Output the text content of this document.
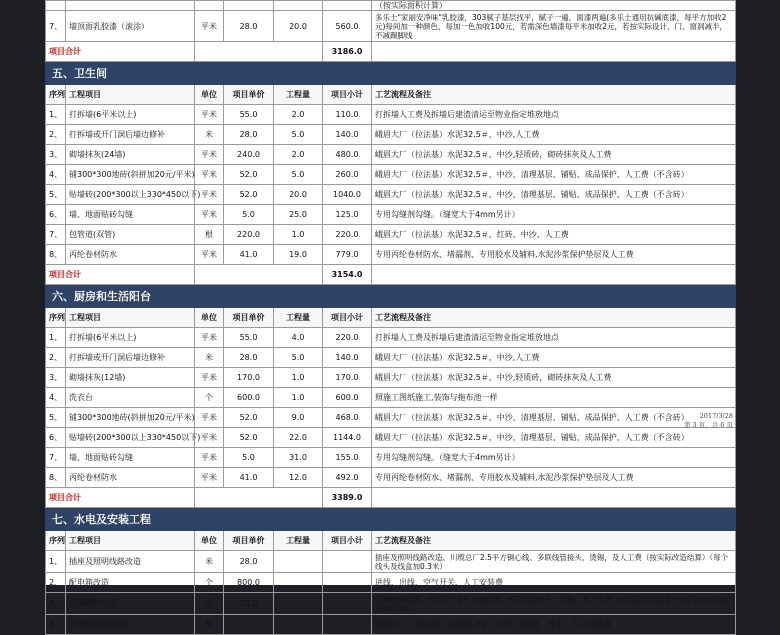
						（按实际面积计算）
7、	墙顶面乳胶漆（滚涂）	平米	28.0	20.0	560.0	多乐士"家丽安净味"乳胶漆，303腻子基层找平，腻子一遍，面漆两遍(多乐士通用抗碱底漆，每平方加收2元)每间加一种颜色，每加一色加收100元，若需深色墙漆每平米加收2元，若按实际设计、门、窗洞减半，不减踢脚线
项目合计					3186.0	
五、卫生间						
序列	工程项目	单位	项目单价	工程量	项目小计	工艺流程及备注
1、	打拆墙(6平米以上)	平米	55.0	2.0	110.0	打拆墙人工费及拆墙后建渣清运至物业指定堆放地点
2、	打拆墙或开门洞后墙边修补	米	28.0	5.0	140.0	峨眉大厂（拉法基）水泥32.5＃，中沙,人工费
3、	砌墙抹灰(24墙)	平米	240.0	2.0	480.0	峨眉大厂（拉法基）水泥32.5＃，中沙,轻质砖，砌砖抹灰及人工费
4、	铺300*300地砖(斜拼加20元/平米)	平米	52.0	5.0	260.0	峨眉大厂（拉法基）水泥32.5＃，中沙，清理基层、铺贴、成品保护、人工费（不含砖）
5、	贴墙砖(200*300以上330*450以下)	平米	52.0	20.0	1040.0	峨眉大厂（拉法基）水泥32.5＃，中沙，清理基层、铺贴、成品保护、人工费（不含砖）
6、	墙、地面贴砖勾缝	平米	5.0	25.0	125.0	专用勾缝剂勾缝。（缝宽大于4mm另计）
7、	包管道(双管)	根	220.0	1.0	220.0	峨眉大厂（拉法基）水泥32.5＃，红砖、中沙、人工费
8、	丙纶卷材防水	平米	41.0	19.0	779.0	专用丙纶卷材防水、堵漏剂、专用胶水及辅料,水泥沙浆保护垫层及人工费
项目合计					3154.0	
六、厨房和生活阳台						
序列	工程项目	单位	项目单价	工程量	项目小计	工艺流程及备注
1、	打拆墙(6平米以上)	平米	55.0	4.0	220.0	打拆墙人工费及拆墙后建渣清运至物业指定堆放地点
2、	打拆墙或开门洞后墙边修补	米	28.0	5.0	140.0	峨眉大厂（拉法基）水泥32.5＃，中沙,人工费
3、	砌墙抹灰(12墙)	平米	170.0	1.0	170.0	峨眉大厂（拉法基）水泥32.5＃，中沙,轻质砖，砌砖抹灰及人工费
4、	洗衣台	个	600.0	1.0	600.0	照施工图纸施工,装饰与拖布池一样
5、	铺300*300地砖(斜拼加20元/平米)	平米	52.0	9.0	468.0	峨眉大厂（拉法基）水泥32.5＃，中沙，清理基层、铺贴、成品保护、人工费（不含砖）
6、	贴墙砖(200*300以上330*450以下)	平米	52.0	22.0	1144.0	峨眉大厂（拉法基）水泥32.5＃，中沙，清理基层、铺贴、成品保护、人工费（不含砖）
7、	墙、地面贴砖勾缝	平米	5.0	31.0	155.0	专用勾缝剂勾缝。（缝宽大于4mm另计）
8、	丙纶卷材防水	平米	41.0	12.0	492.0	专用丙纶卷材防水、堵漏剂、专用胶水及辅料,水泥沙浆保护垫层及人工费
项目合计					3389.0	
七、水电及安装工程						
序列	工程项目	单位	项目单价	工程量	项目小计	工艺流程及备注
1、	插座及照明线路改造	米	28.0			插座及照明线路改造、川缆总厂2.5平方铜心线、多联线管接头、烫锡，及人工费（按实际改造结算）（每个线头及线盒加0.3米）
2、	配电箱改造	个	800.0			进线、出线、空气开关、人工安装费
3、	空调线路改造	米	35.0			空调线路改造、川缆总厂4平方铜心线、多联线管接头、烫锡，及人工费（按实际改造结算）（每个线头及线盒加0.3米）
4、	开槽50线管暗埋	根				峨眉大厂（拉法基）水泥32.5＃，中沙、50管、弯头、人工安装费
2017/3/28
第 3 页，共 6 页
